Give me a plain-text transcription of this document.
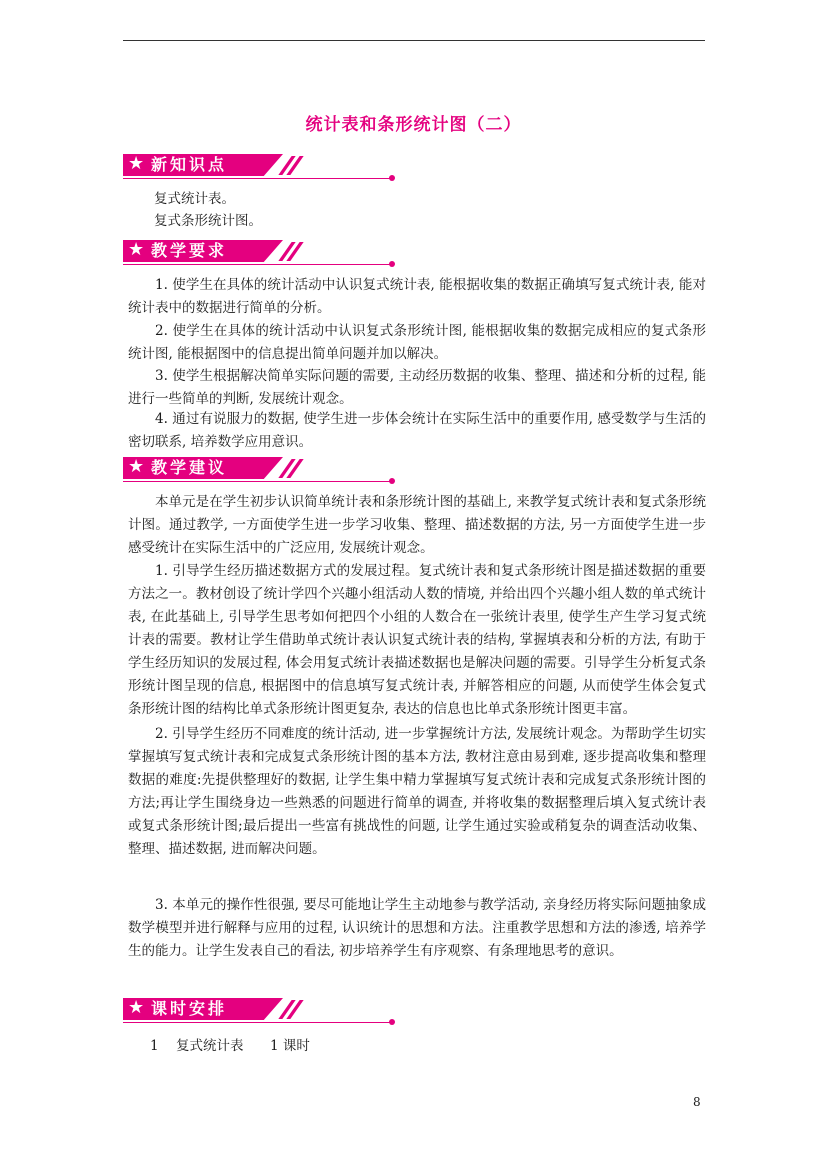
统计表和条形统计图（二）
★ 新知识点
复式统计表。
复式条形统计图。
★ 教学要求

1. 使学生在具体的统计活动中认识复式统计表, 能根据收集的数据正确填写复式统计表, 能对统计表中的数据进行简单的分析。

2. 使学生在具体的统计活动中认识复式条形统计图, 能根据收集的数据完成相应的复式条形统计图, 能根据图中的信息提出简单问题并加以解决。

3. 使学生根据解决简单实际问题的需要, 主动经历数据的收集、整理、描述和分析的过程, 能进行一些简单的判断, 发展统计观念。

4. 通过有说服力的数据, 使学生进一步体会统计在实际生活中的重要作用, 感受数学与生活的密切联系, 培养数学应用意识。

★ 教学建议

本单元是在学生初步认识简单统计表和条形统计图的基础上, 来教学复式统计表和复式条形统计图。通过教学, 一方面使学生进一步学习收集、整理、描述数据的方法, 另一方面使学生进一步感受统计在实际生活中的广泛应用, 发展统计观念。

1. 引导学生经历描述数据方式的发展过程。复式统计表和复式条形统计图是描述数据的重要方法之一。教材创设了统计学四个兴趣小组活动人数的情境, 并给出四个兴趣小组人数的单式统计表, 在此基础上, 引导学生思考如何把四个小组的人数合在一张统计表里, 使学生产生学习复式统计表的需要。教材让学生借助单式统计表认识复式统计表的结构, 掌握填表和分析的方法, 有助于学生经历知识的发展过程, 体会用复式统计表描述数据也是解决问题的需要。引导学生分析复式条形统计图呈现的信息, 根据图中的信息填写复式统计表, 并解答相应的问题, 从而使学生体会复式条形统计图的结构比单式条形统计图更复杂, 表达的信息也比单式条形统计图更丰富。

2. 引导学生经历不同难度的统计活动, 进一步掌握统计方法, 发展统计观念。为帮助学生切实掌握填写复式统计表和完成复式条形统计图的基本方法, 教材注意由易到难, 逐步提高收集和整理数据的难度:先提供整理好的数据, 让学生集中精力掌握填写复式统计表和完成复式条形统计图的方法;再让学生围绕身边一些熟悉的问题进行简单的调查, 并将收集的数据整理后填入复式统计表或复式条形统计图;最后提出一些富有挑战性的问题, 让学生通过实验或稍复杂的调查活动收集、整理、描述数据, 进而解决问题。

3. 本单元的操作性很强, 要尽可能地让学生主动地参与教学活动, 亲身经历将实际问题抽象成数学模型并进行解释与应用的过程, 认识统计的思想和方法。注重教学思想和方法的渗透, 培养学生的能力。让学生发表自己的看法, 初步培养学生有序观察、有条理地思考的意识。

★ 课时安排
1 复式统计表 1 课时
8
